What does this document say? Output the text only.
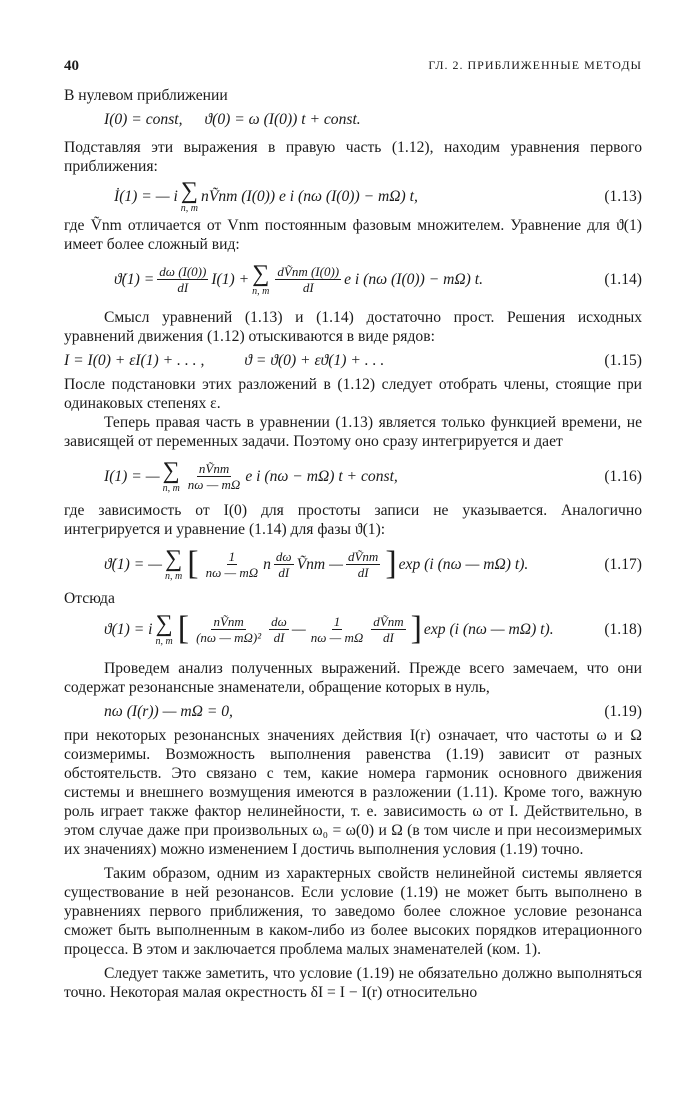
40	ГЛ. 2. ПРИБЛИЖЕННЫЕ МЕТОДЫ

В нулевом приближении

I(0) = const, ϑ(0) = ω (I(0)) t + const.

Подставляя эти выражения в правую часть (1.12), находим уравнения первого приближения:

İ(1) = — i ∑
n, m
nṼnm (I(0)) e i (nω (I(0)) − mΩ) t,	(1.13)

где Ṽnm отличается от Vnm постоянным фазовым множителем. Уравнение для ϑ(1) имеет более сложный вид:

ϑ̇(1) = $\frac{d\omega (I(0))}{dI} I(1)$ + ∑
n, m $\frac{\text{dṼnm (I(0))}}{dI}$ e i (nω (I(0)) − mΩ) t.	(1.14)

Смысл уравнений (1.13) и (1.14) достаточно прост. Решения исходных уравнений движения (1.12) отыскиваются в виде рядов:

I = I(0) + εI(1) + . . . ,	ϑ = ϑ(0) + εϑ(1) + . . .	(1.15)

После подстановки этих разложений в (1.12) следует отобрать члены, стоящие при одинаковых степенях ε.

Теперь правая часть в уравнении (1.13) является только функцией времени, не зависящей от переменных задачи. Поэтому оно сразу интегрируется и дает

I(1) = — ∑
n, m $\frac{\text{nṼnm}}{n\omega — m\Omega}$ e i (nω − mΩ) t + const,	(1.16)

где зависимость от I(0) для простоты записи не указывается. Аналогично интегрируется и уравнение (1.14) для фазы ϑ(1):

ϑ̇(1) = — ∑
n, m [ $\frac{1}{n\omega — m\Omega}$ n $\frac{d\omega}{dI}$ Ṽnm — $\frac{\text{dṼnm}}{dI}$ ] exp (i (nω — mΩ) t).	(1.17)

Отсюда

ϑ(1) = i ∑
n, m [ $\frac{\text{nṼnm}}{\text{(nω — mΩ)²}} \frac{d\omega}{dI}$ — $\frac{1}{n\omega — m\Omega} \frac{\text{dṼnm}}{dI}$ ] exp (i (nω — mΩ) t).	(1.18)

Проведем анализ полученных выражений. Прежде всего замечаем, что они содержат резонансные знаменатели, обращение которых в нуль,

nω (I(r)) — mΩ = 0,	(1.19)

при некоторых резонансных значениях действия I(r) означает, что частоты ω и Ω соизмеримы. Возможность выполнения равенства (1.19) зависит от разных обстоятельств. Это связано с тем, какие номера гармоник основного движения системы и внешнего возмущения имеются в разложении (1.11). Кроме того, важную роль играет также фактор нелинейности, т. е. зависимость ω от I. Действительно, в этом случае даже при произвольных ω₀ = ω(0) и Ω (в том числе и при несоизмеримых их значениях) можно изменением I достичь выполнения условия (1.19) точно.

Таким образом, одним из характерных свойств нелинейной системы является существование в ней резонансов. Если условие (1.19) не может быть выполнено в уравнениях первого приближения, то заведомо более сложное условие резонанса сможет быть выполненным в каком-либо из более высоких порядков итерационного процесса. В этом и заключается проблема малых знаменателей (ком. 1).

Следует также заметить, что условие (1.19) не обязательно должно выполняться точно. Некоторая малая окрестность δI = I − I(r) относительно
